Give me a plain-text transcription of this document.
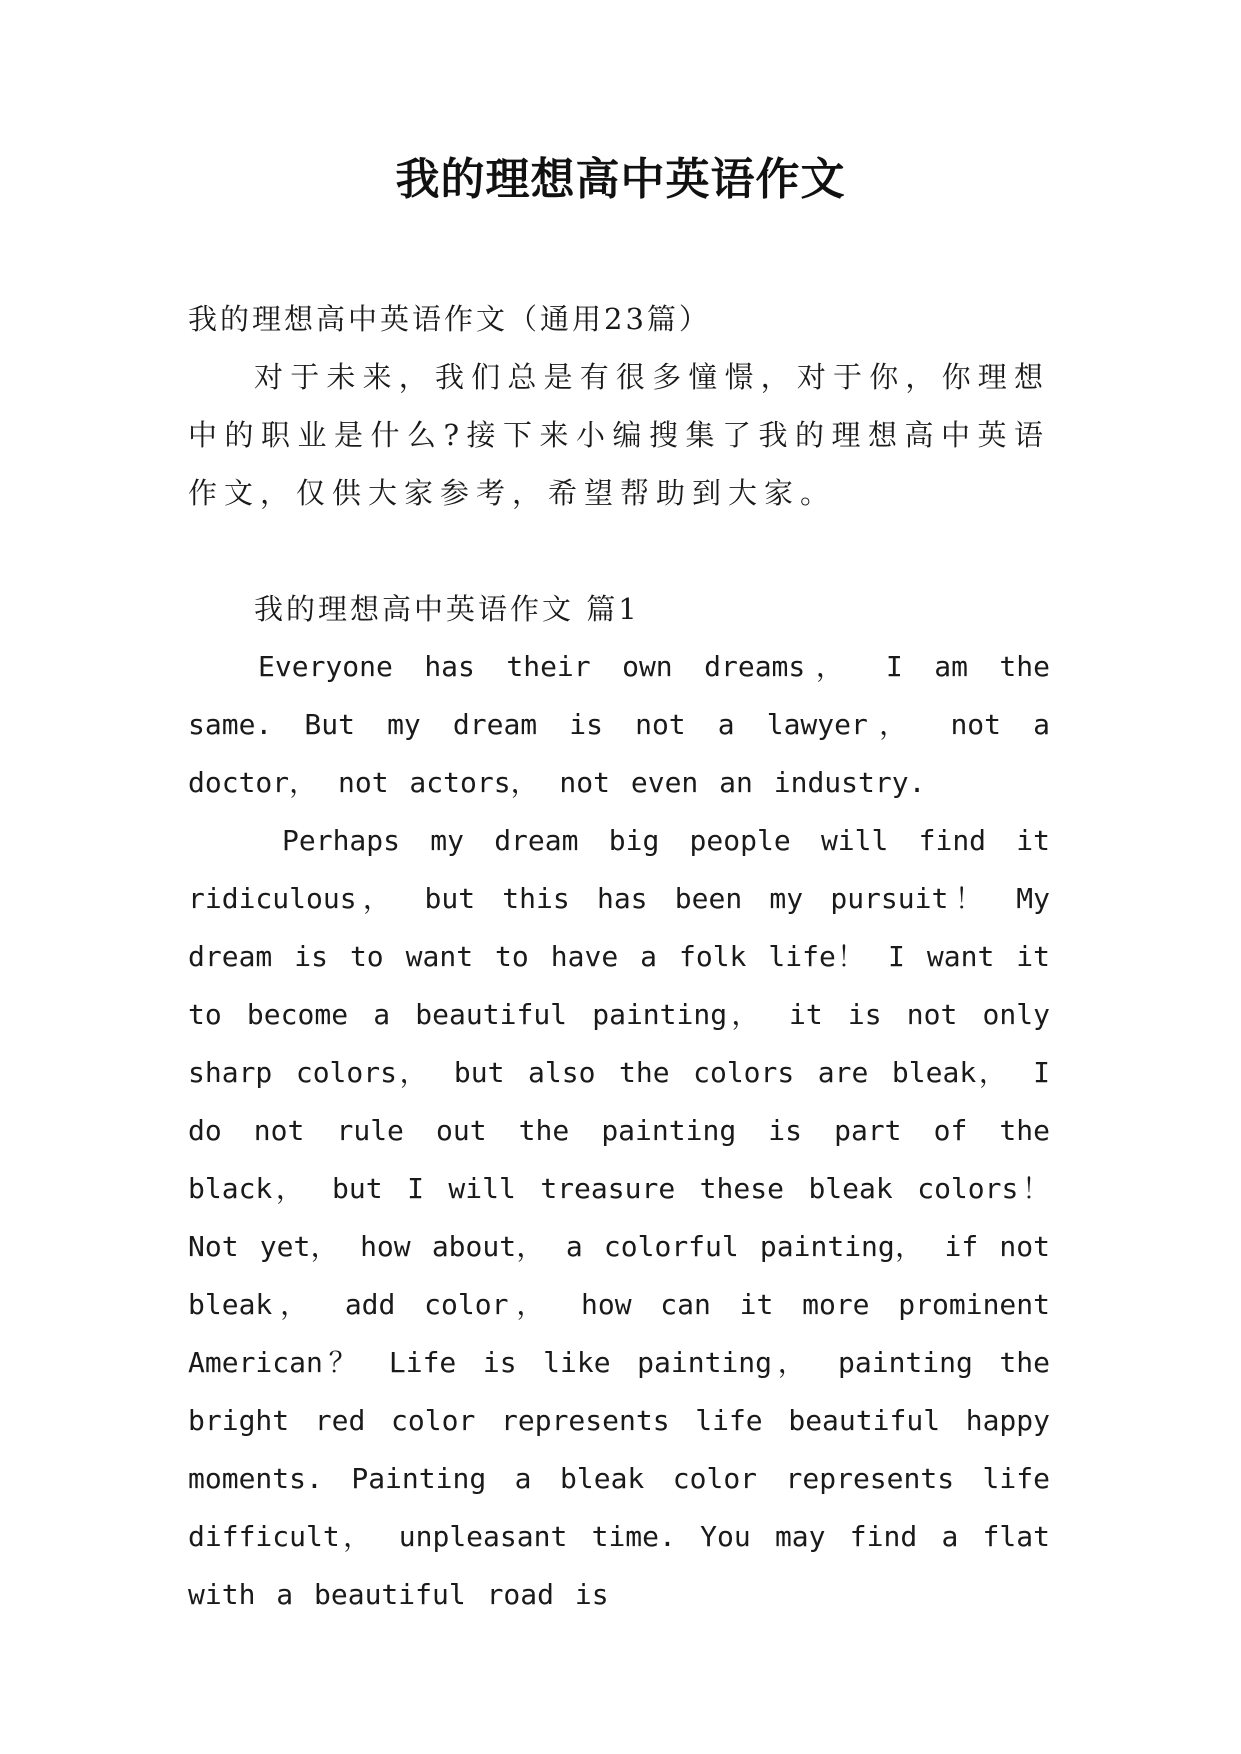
我的理想高中英语作文
我的理想高中英语作文（通用23篇）

对于未来，我们总是有很多憧憬，对于你，你理想中的职业是什么?接下来小编搜集了我的理想高中英语作文，仅供大家参考，希望帮助到大家。

我的理想高中英语作文 篇1

Everyone has their own dreams， I am the same. But my dream is not a lawyer， not a doctor， not actors， not even an industry.

Perhaps my dream big people will find it ridiculous， but this has been my pursuit！ My dream is to want to have a folk life！ I want it to become a beautiful painting， it is not only sharp colors， but also the colors are bleak， I do not rule out the painting is part of the black， but I will treasure these bleak colors！ Not yet， how about， a colorful painting， if not bleak， add color， how can it more prominent American？ Life is like painting， painting the bright red color represents life beautiful happy moments. Painting a bleak color represents life difficult， unpleasant time. You may find a flat with a beautiful road is
